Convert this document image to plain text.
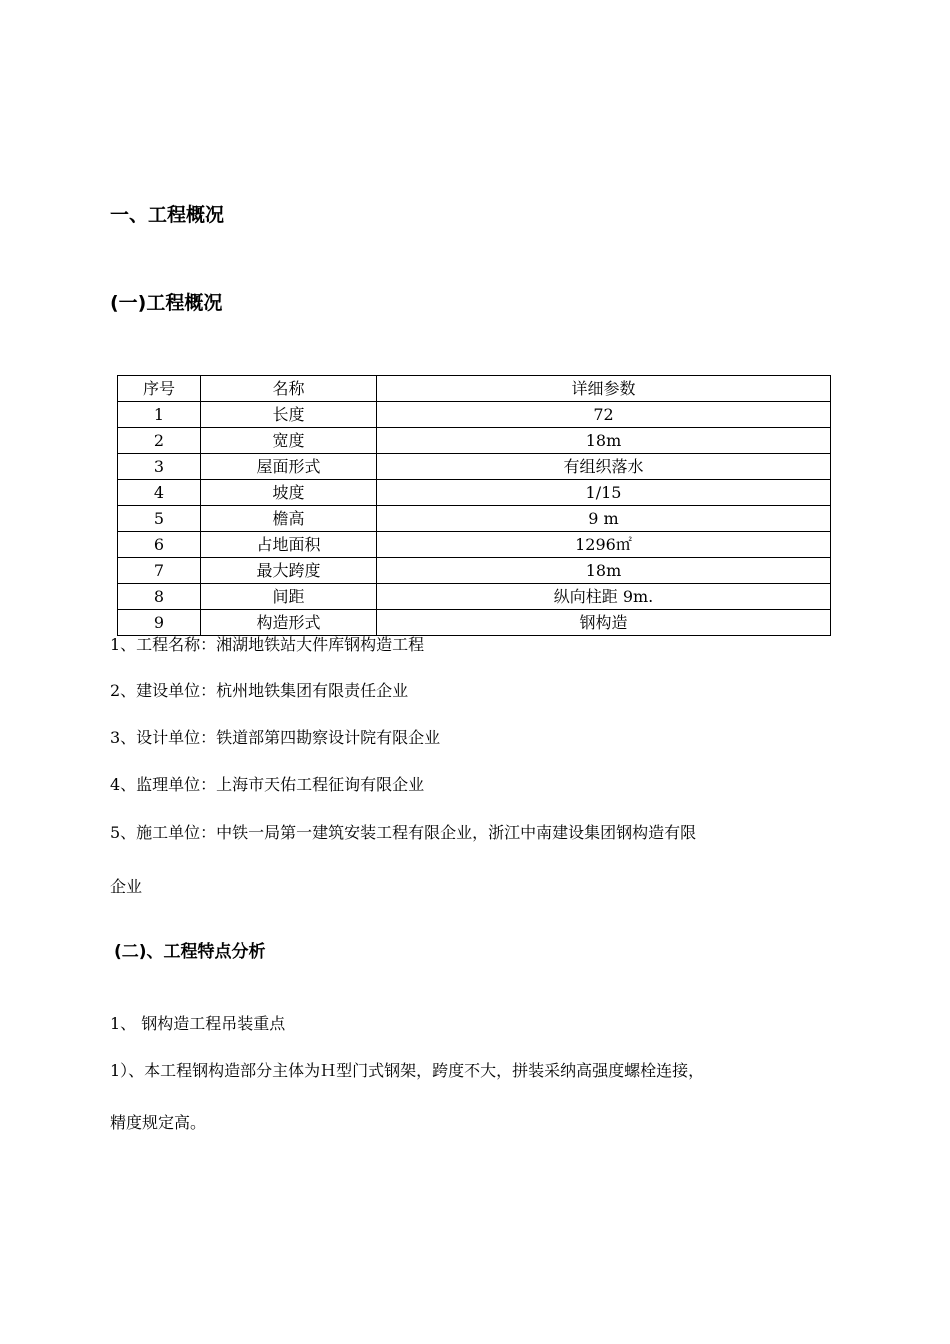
一、工程概况
(一)工程概况
序号	名称	详细参数
1	长度	72
2	宽度	18m
3	屋面形式	有组织落水
4	坡度	1/15
5	檐高	9 m
6	占地面积	1296㎡
7	最大跨度	18m
8	间距	纵向柱距 9m.
9	构造形式	钢构造
1、工程名称：湘湖地铁站大件库钢构造工程
2、建设单位：杭州地铁集团有限责任企业
3、设计单位：铁道部第四勘察设计院有限企业
4、监理单位：上海市天佑工程征询有限企业
5、施工单位：中铁一局第一建筑安装工程有限企业，浙江中南建设集团钢构造有限
企业
(二)、工程特点分析
1、 钢构造工程吊装重点
1）、本工程钢构造部分主体为Ｈ型门式钢架，跨度不大，拼装采纳高强度螺栓连接，
精度规定高。
